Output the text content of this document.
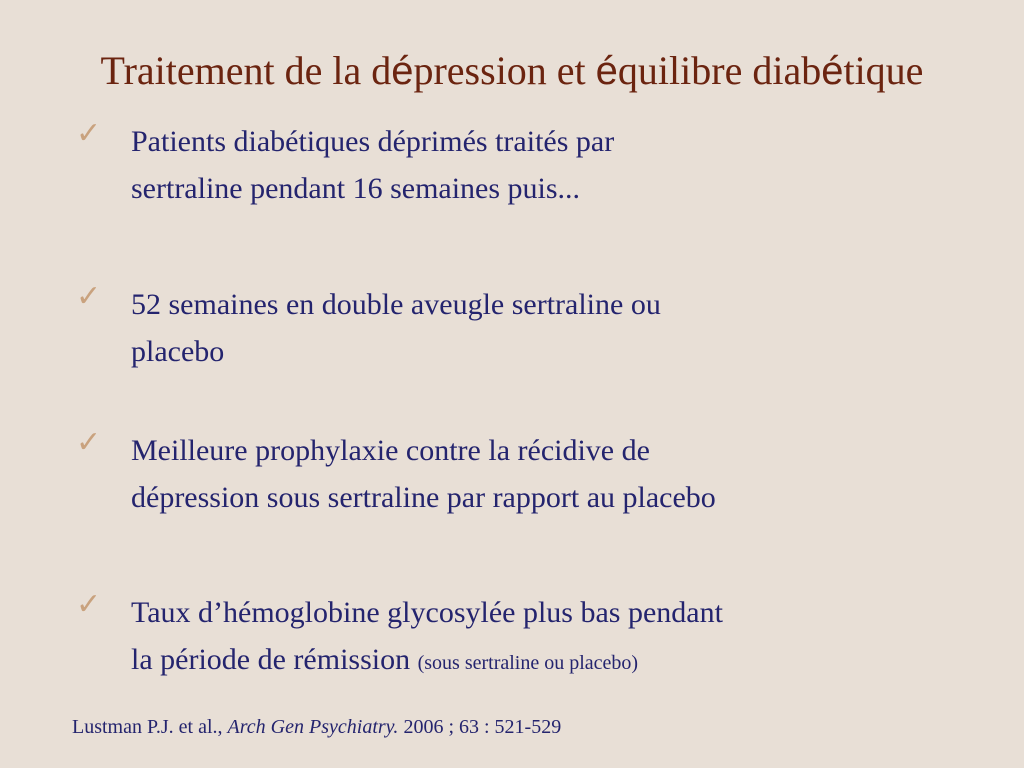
Traitement de la dépression et équilibre diabétique
✓ Patients diabétiques déprimés traités par
sertraline pendant 16 semaines puis...
✓ 52 semaines en double aveugle sertraline ou
placebo
✓ Meilleure prophylaxie contre la récidive de
dépression sous sertraline par rapport au placebo
✓ Taux d’hémoglobine glycosylée plus bas pendant
la période de rémission (sous sertraline ou placebo)
Lustman P.J. et al., Arch Gen Psychiatry. 2006 ; 63 : 521-529
